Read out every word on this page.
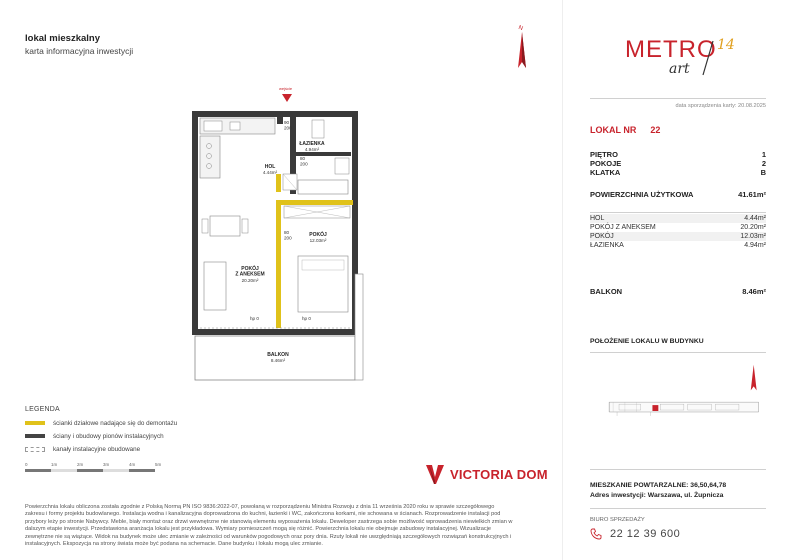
lokal mieszkalny
karta informacyjna inwestycji
N
wejście
ŁAZIENKA
4.94m²
HOL
4.44m²
POKÓJ
12.03m²
POKÓJ Z ANEKSEM
20.20m²
BALKON
8.46m²
80 200
80 200
90 200
hp 0	hp 0
LEGENDA
ścianki działowe nadające się do demontażu
ściany i obudowy pionów instalacyjnych
kanały instalacyjne obudowane
0	1m	2m	3m	4m	5m
VICTORIA DOM
Powierzchnia lokalu obliczona została zgodnie z Polską Normą PN ISO 9836:2022-07, powołaną w rozporządzeniu Ministra Rozwoju z dnia 11 września 2020 roku w sprawie szczegółowego zakresu i formy projektu budowlanego. Instalacja wodna i kanalizacyjna doprowadzona do kuchni, łazienki i WC, zakończona korkami, nie schowana w ścianach. Rozprowadzenie instalacji pod przybory leży po stronie Nabywcy. Meble, biały montaż oraz drzwi wewnętrzne nie stanowią elementu wyposażenia lokalu. Deweloper zastrzega sobie możliwość wprowadzenia niewielkich zmian w dalszym etapie inwestycji. Przedstawiona aranżacja lokalu jest przykładowa. Wymiary pomieszczeń mogą się różnić. Powierzchnia lokalu nie obejmuje zabudowy instalacyjnej. Wizualizacje zewnętrzne nie są wiążące. Widok na budynek może ulec zmianie w zależności od warunków pogodowych oraz pory dnia. Rzuty lokali nie uwzględniają szczegółowych rozwiązań konstrukcyjnych i instalacyjnych. Ekspozycja na strony świata może być podana na schemacie. Dane budynku i lokalu mogą ulec zmianie.
METRO 14
art
data sporządzenia karty: 20.08.2025
LOKAL NR 22
PIĘTRO	1
POKOJE	2
KLATKA	B
POWIERZCHNIA UŻYTKOWA	41.61m²
HOL	4.44m²
POKÓJ Z ANEKSEM	20.20m²
POKÓJ	12.03m²
ŁAZIENKA	4.94m²
BALKON	8.46m²
POŁOŻENIE LOKALU W BUDYNKU
MIESZKANIE POWTARZALNE: 36,50,64,78
Adres inwestycji: Warszawa, ul. Żupnicza
BIURO SPRZEDAŻY
22 12 39 600
